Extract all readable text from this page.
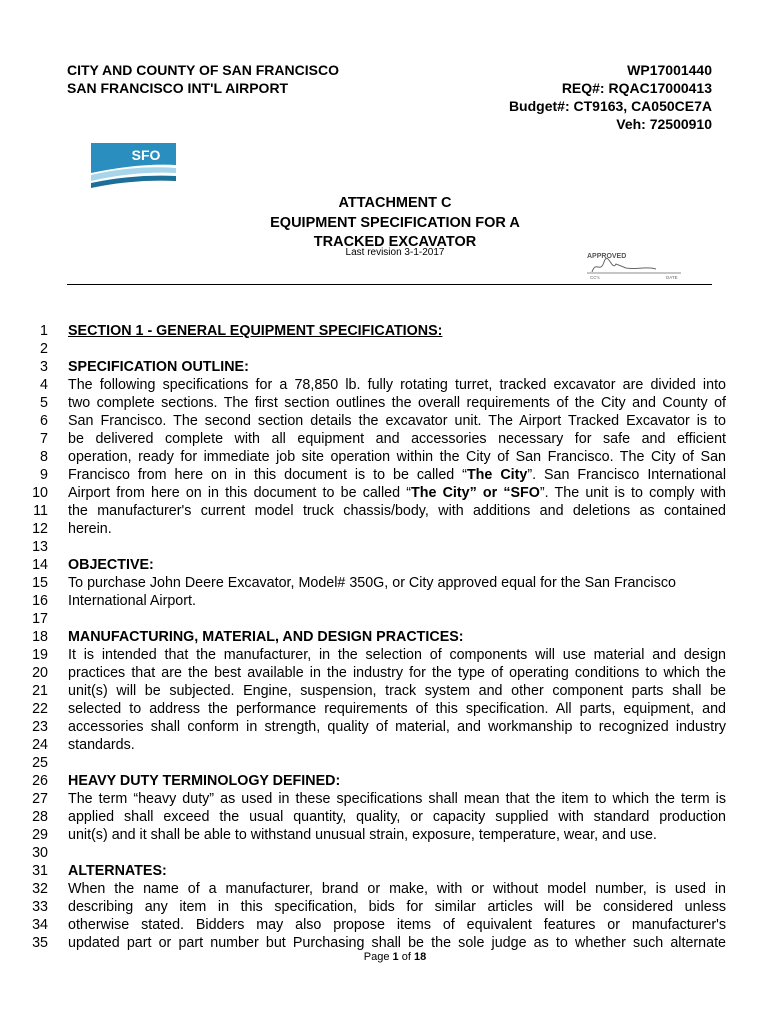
CITY AND COUNTY OF SAN FRANCISCO
SAN FRANCISCO INT'L AIRPORT
WP17001440
REQ#: RQAC17000413
Budget#: CT9163, CA050CE7A
Veh: 72500910
SFO
ATTACHMENT C
EQUIPMENT SPECIFICATION FOR A
TRACKED EXCAVATOR
Last revision 3-1-2017	APPROVED
CC's	DATE
1 SECTION 1 - GENERAL EQUIPMENT SPECIFICATIONS:
2
3 SPECIFICATION OUTLINE:
4 The following specifications for a 78,850 lb. fully rotating turret, tracked excavator are divided into
5 two complete sections. The first section outlines the overall requirements of the City and County of
6 San Francisco. The second section details the excavator unit. The Airport Tracked Excavator is to
7 be delivered complete with all equipment and accessories necessary for safe and efficient
8 operation, ready for immediate job site operation within the City of San Francisco. The City of San
9 Francisco from here on in this document is to be called “The City”. San Francisco International
10 Airport from here on in this document to be called “The City” or “SFO”. The unit is to comply with
11 the manufacturer's current model truck chassis/body, with additions and deletions as contained
12 herein.
13
14 OBJECTIVE:
15 To purchase John Deere Excavator, Model# 350G, or City approved equal for the San Francisco
16 International Airport.
17
18 MANUFACTURING, MATERIAL, AND DESIGN PRACTICES:
19 It is intended that the manufacturer, in the selection of components will use material and design
20 practices that are the best available in the industry for the type of operating conditions to which the
21 unit(s) will be subjected. Engine, suspension, track system and other component parts shall be
22 selected to address the performance requirements of this specification. All parts, equipment, and
23 accessories shall conform in strength, quality of material, and workmanship to recognized industry
24 standards.
25
26 HEAVY DUTY TERMINOLOGY DEFINED:
27 The term “heavy duty” as used in these specifications shall mean that the item to which the term is
28 applied shall exceed the usual quantity, quality, or capacity supplied with standard production
29 unit(s) and it shall be able to withstand unusual strain, exposure, temperature, wear, and use.
30
31 ALTERNATES:
32 When the name of a manufacturer, brand or make, with or without model number, is used in
33 describing any item in this specification, bids for similar articles will be considered unless
34 otherwise stated. Bidders may also propose items of equivalent features or manufacturer's
35 updated part or part number but Purchasing shall be the sole judge as to whether such alternate
Page 1 of 18
